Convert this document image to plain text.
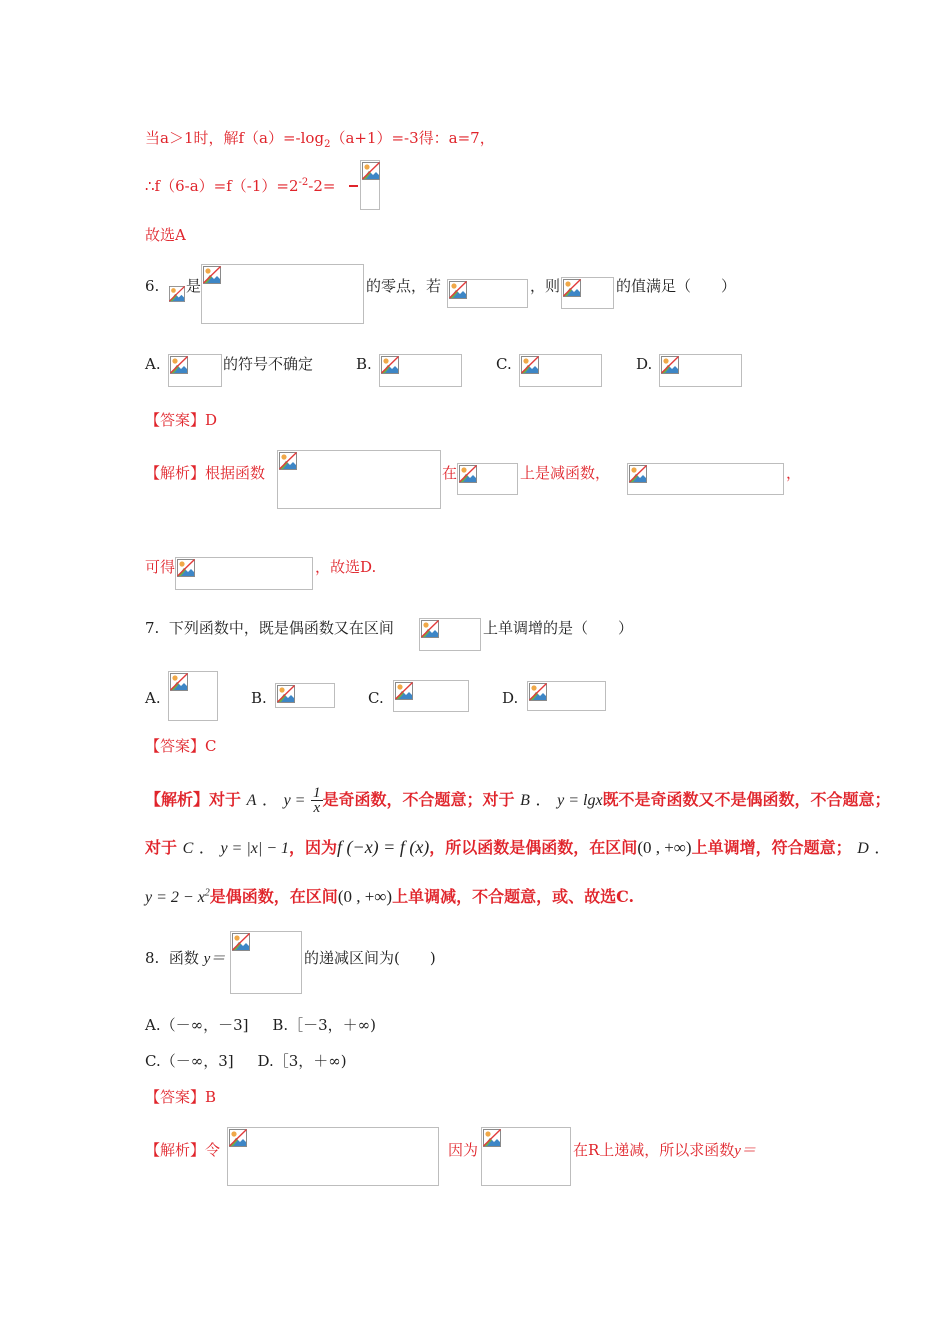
当a＞1时，解$f(a)=-\log_2(a+1)=-3$得：a=7，
$\therefore f(6-a)=f(-1)=2^{-2}-2=$
故选A
6. 是	的零点，若	，则	的值满足（　　）
A.	的符号不确定	B.	C.	D.
【答案】D
【解析】根据函数	在	上是减函数，	，
可得	，故选D.
7. 下列函数中，既是偶函数又在区间	上单调增的是（　　）
A.	B.	C.	D.
【答案】C
【解析】对于 A ． $y = \frac{1}{x}$ 是奇函数，不合题意；对于 B ． y = lgx既不是奇函数又不是偶函数，不合题意；
对于 C ． y = |x| − 1，因为f (−x) = f (x)，所以函数是偶函数，在区间(0 , +∞)上单调增，符合题意； D ．
$y = 2 - x^2$是偶函数，在区间(0 , +∞)上单调减，不合题意，或、故选C.
8. 函数 y＝	的递减区间为(　　)
A.（－∞，－3] B.［－3，＋∞)
C.（－∞，3] D.［3，＋∞)
【答案】B
【解析】令	因为	在R上递减，所以求函数y＝
